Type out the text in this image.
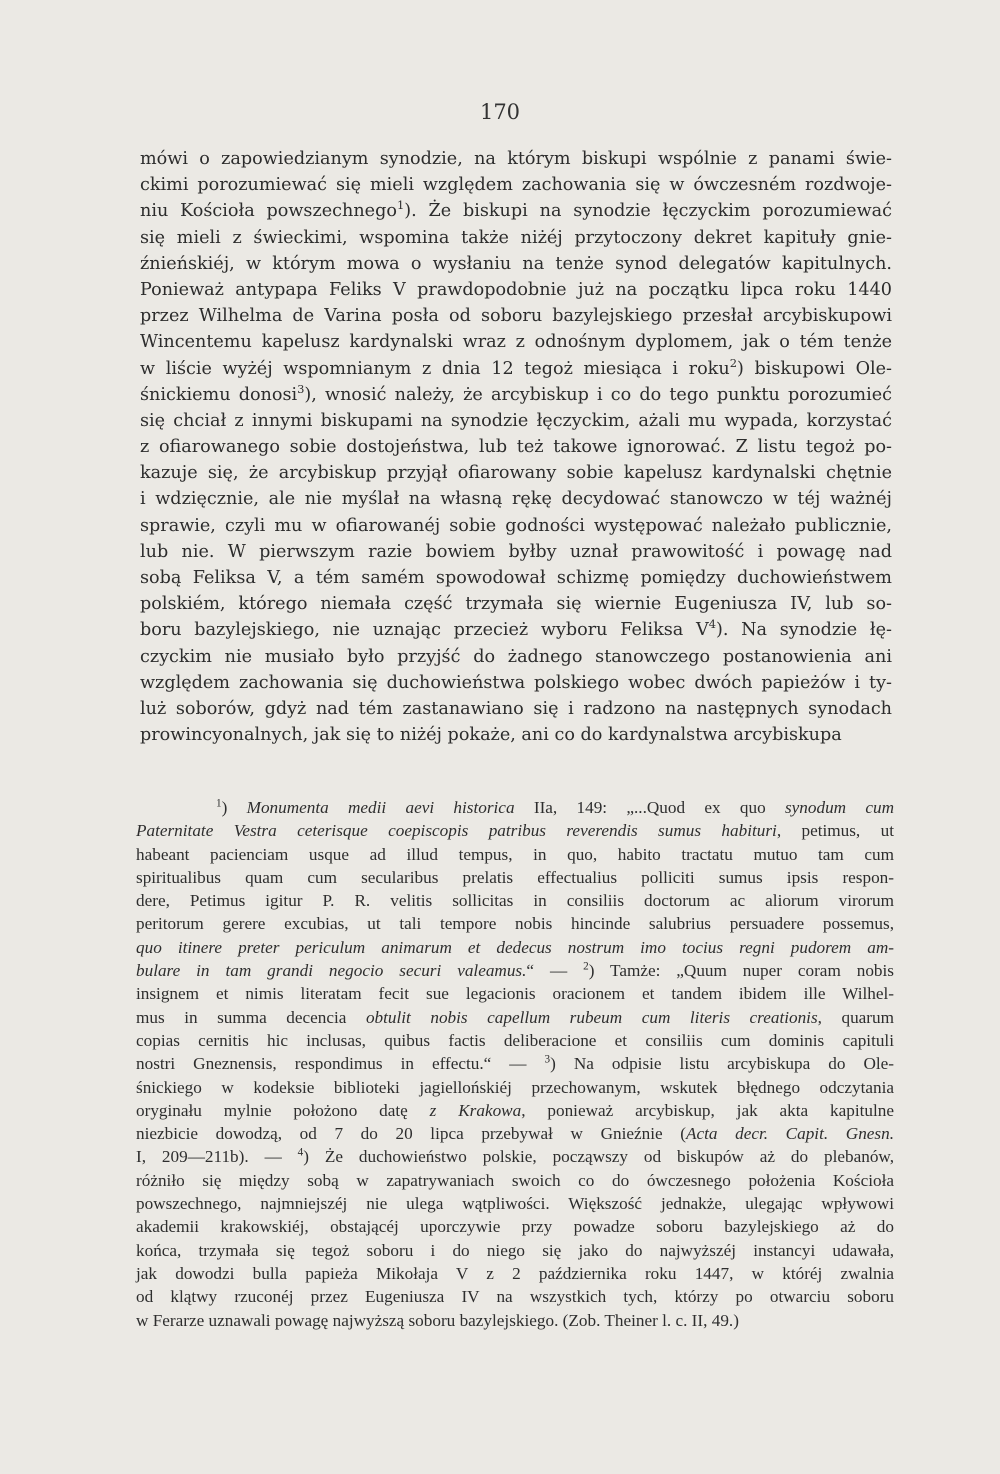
170
mówi o zapowiedzianym synodzie, na którym biskupi wspólnie z panami świe-
ckimi porozumiewać się mieli względem zachowania się w ówczesném rozdwoje-
niu Kościoła powszechnego$^1$). Że biskupi na synodzie łęczyckim porozumiewać
się mieli z świeckimi, wspomina także niżéj przytoczony dekret kapituły gnie-
źnieńskiéj, w którym mowa o wysłaniu na tenże synod delegatów kapitulnych.
Ponieważ antypapa Feliks V prawdopodobnie już na początku lipca roku 1440
przez Wilhelma de Varina posła od soboru bazylejskiego przesłał arcybiskupowi
Wincentemu kapelusz kardynalski wraz z odnośnym dyplomem, jak o tém tenże
w liście wyżéj wspomnianym z dnia 12 tegoż miesiąca i roku$^2$) biskupowi Ole-
śnickiemu donosi$^3$), wnosić należy, że arcybiskup i co do tego punktu porozumieć
się chciał z innymi biskupami na synodzie łęczyckim, ażali mu wypada, korzystać
z ofiarowanego sobie dostojeństwa, lub też takowe ignorować. Z listu tegoż po-
kazuje się, że arcybiskup przyjął ofiarowany sobie kapelusz kardynalski chętnie
i wdzięcznie, ale nie myślał na własną rękę decydować stanowczo w téj ważnéj
sprawie, czyli mu w ofiarowanéj sobie godności występować należało publicznie,
lub nie. W pierwszym razie bowiem byłby uznał prawowitość i powagę nad
sobą Feliksa V, a tém samém spowodował schizmę pomiędzy duchowieństwem
polskiém, którego niemała część trzymała się wiernie Eugeniusza IV, lub so-
boru bazylejskiego, nie uznając przecież wyboru Feliksa $V^4$). Na synodzie łę-
czyckim nie musiało było przyjść do żadnego stanowczego postanowienia ani
względem zachowania się duchowieństwa polskiego wobec dwóch papieżów i ty-
luż soborów, gdyż nad tém zastanawiano się i radzono na następnych synodach
prowincyonalnych, jak się to niżéj pokaże, ani co do kardynalstwa arcybiskupa
$^1$) Monumenta medii aevi historica IIa, 149: „...Quod ex quo synodum cum
Paternitate Vestra ceterisque coepiscopis patribus reverendis sumus habituri, petimus, ut
habeant pacienciam usque ad illud tempus, in quo, habito tractatu mutuo tam cum
spiritualibus quam cum secularibus prelatis effectualius polliciti sumus ipsis respon-
dere, Petimus igitur P. R. velitis sollicitas in consiliis doctorum ac aliorum virorum
peritorum gerere excubias, ut tali tempore nobis hincinde salubrius persuadere possemus,
quo itinere preter periculum animarum et dedecus nostrum imo tocius regni pudorem am-
bulare in tam grandi negocio securi valeamus.“ — $^2$) Tamże: „Quum nuper coram nobis
insignem et nimis literatam fecit sue legacionis oracionem et tandem ibidem ille Wilhel-
mus in summa decencia obtulit nobis capellum rubeum cum literis creationis, quarum
copias cernitis hic inclusas, quibus factis deliberacione et consiliis cum dominis capituli
nostri Gneznensis, respondimus in effectu.“ — $^3$) Na odpisie listu arcybiskupa do Ole-
śnickiego w kodeksie biblioteki jagiellońskiéj przechowanym, wskutek błędnego odczytania
oryginału mylnie położono datę z Krakowa, ponieważ arcybiskup, jak akta kapitulne
niezbicie dowodzą, od 7 do 20 lipca przebywał w Gnieźnie (Acta decr. Capit. Gnesn.
I, 209—211b). — $^4$) Że duchowieństwo polskie, począwszy od biskupów aż do plebanów,
różniło się między sobą w zapatrywaniach swoich co do ówczesnego położenia Kościoła
powszechnego, najmniejszéj nie ulega wątpliwości. Większość jednakże, ulegając wpływowi
akademii krakowskiéj, obstającéj uporczywie przy powadze soboru bazylejskiego aż do
końca, trzymała się tegoż soboru i do niego się jako do najwyższéj instancyi udawała,
jak dowodzi bulla papieża Mikołaja V z 2 października roku 1447, w któréj zwalnia
od klątwy rzuconéj przez Eugeniusza IV na wszystkich tych, którzy po otwarciu soboru
w Ferarze uznawali powagę najwyższą soboru bazylejskiego. (Zob. Theiner l. c. II, 49.)
